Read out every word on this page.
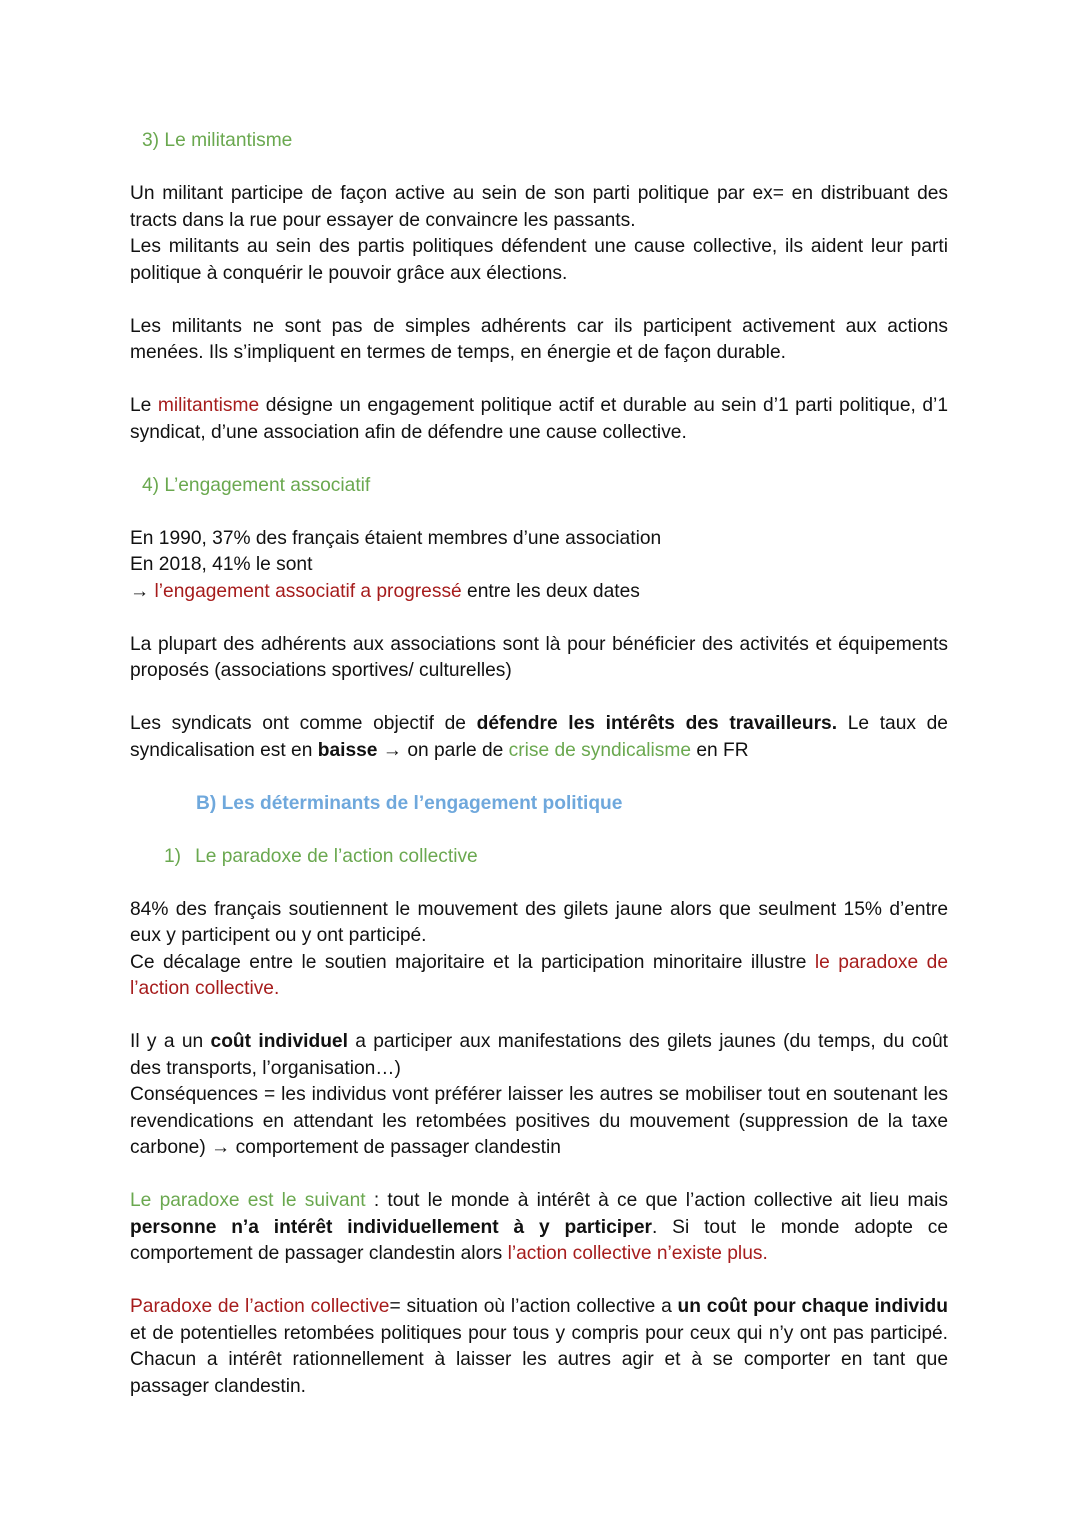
3) Le militantisme

Un militant participe de façon active au sein de son parti politique par ex= en distribuant des tracts dans la rue pour essayer de convaincre les passants.
Les militants au sein des partis politiques défendent une cause collective, ils aident leur parti politique à conquérir le pouvoir grâce aux élections.

Les militants ne sont pas de simples adhérents car ils participent activement aux actions menées. Ils s’impliquent en termes de temps, en énergie et de façon durable.

Le militantisme désigne un engagement politique actif et durable au sein d’1 parti politique, d’1 syndicat, d’une association afin de défendre une cause collective.

4) L’engagement associatif

En 1990, 37% des français étaient membres d’une association
En 2018, 41% le sont
→ l’engagement associatif a progressé entre les deux dates

La plupart des adhérents aux associations sont là pour bénéficier des activités et équipements proposés (associations sportives/ culturelles)

Les syndicats ont comme objectif de défendre les intérêts des travailleurs. Le taux de syndicalisation est en baisse → on parle de crise de syndicalisme en FR

B) Les déterminants de l’engagement politique

1) Le paradoxe de l’action collective

84% des français soutiennent le mouvement des gilets jaune alors que seulment 15% d’entre eux y participent ou y ont participé.
Ce décalage entre le soutien majoritaire et la participation minoritaire illustre le paradoxe de l’action collective.

Il y a un coût individuel a participer aux manifestations des gilets jaunes (du temps, du coût des transports, l’organisation…)
Conséquences = les individus vont préférer laisser les autres se mobiliser tout en soutenant les revendications en attendant les retombées positives du mouvement (suppression de la taxe carbone) → comportement de passager clandestin

Le paradoxe est le suivant : tout le monde à intérêt à ce que l’action collective ait lieu mais personne n’a intérêt individuellement à y participer. Si tout le monde adopte ce comportement de passager clandestin alors l’action collective n’existe plus.

Paradoxe de l’action collective= situation où l’action collective a un coût pour chaque individu et de potentielles retombées politiques pour tous y compris pour ceux qui n’y ont pas participé. Chacun a intérêt rationnellement à laisser les autres agir et à se comporter en tant que passager clandestin.
